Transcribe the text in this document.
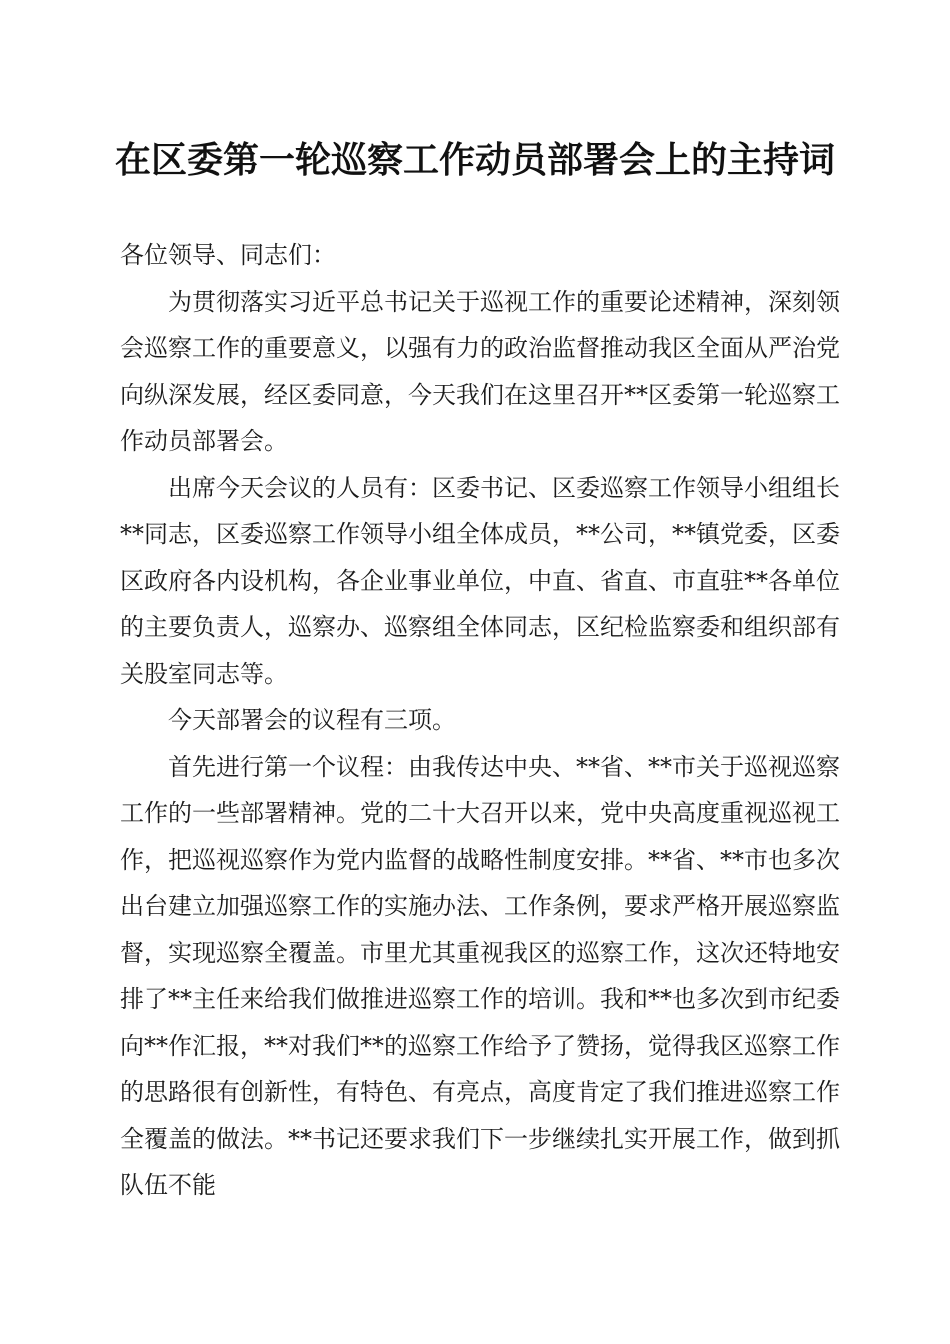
在区委第一轮巡察工作动员部署会上的主持词

各位领导、同志们：

为贯彻落实习近平总书记关于巡视工作的重要论述精神，深刻领会巡察工作的重要意义，以强有力的政治监督推动我区全面从严治党向纵深发展，经区委同意，今天我们在这里召开**区委第一轮巡察工作动员部署会。

出席今天会议的人员有：区委书记、区委巡察工作领导小组组长**同志，区委巡察工作领导小组全体成员，**公司，**镇党委，区委区政府各内设机构，各企业事业单位，中直、省直、市直驻**各单位的主要负责人，巡察办、巡察组全体同志，区纪检监察委和组织部有关股室同志等。

今天部署会的议程有三项。

首先进行第一个议程：由我传达中央、**省、**市关于巡视巡察工作的一些部署精神。党的二十大召开以来，党中央高度重视巡视工作，把巡视巡察作为党内监督的战略性制度安排。**省、**市也多次出台建立加强巡察工作的实施办法、工作条例，要求严格开展巡察监督，实现巡察全覆盖。市里尤其重视我区的巡察工作，这次还特地安排了**主任来给我们做推进巡察工作的培训。我和**也多次到市纪委向**作汇报，**对我们**的巡察工作给予了赞扬，觉得我区巡察工作的思路很有创新性，有特色、有亮点，高度肯定了我们推进巡察工作全覆盖的做法。**书记还要求我们下一步继续扎实开展工作，做到抓队伍不能
